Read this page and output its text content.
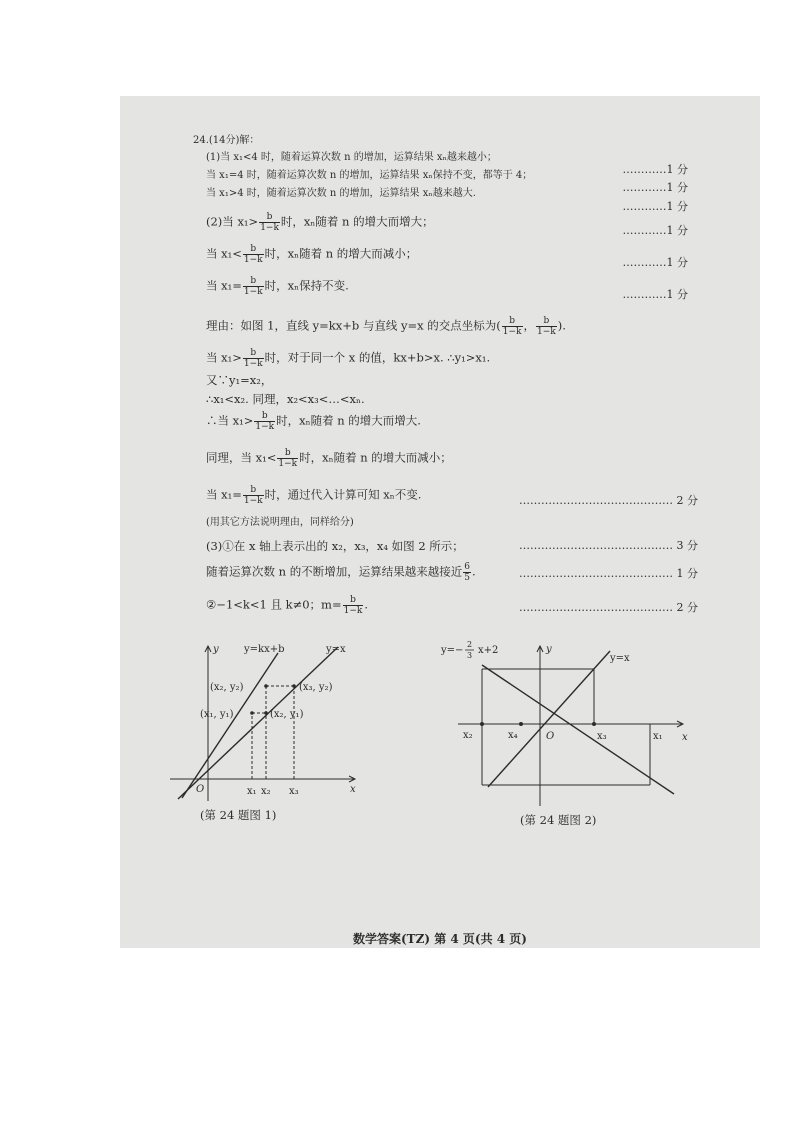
24.(14分)解：
(1)当 x₁<4 时，随着运算次数 n 的增加，运算结果 xₙ越来越小；
当 x₁=4 时，随着运算次数 n 的增加，运算结果 xₙ保持不变，都等于 4；
当 x₁>4 时，随着运算次数 n 的增加，运算结果 xₙ越来越大.
…………1 分
…………1 分
…………1 分
(2)当 $x_1> \frac{b}{1-k}$ 时，xₙ随着 n 的增大而增大；
…………1 分
当 $x_1< \frac{b}{1-k}$ 时，xₙ随着 n 的增大而减小；
…………1 分
当 $x_1= \frac{b}{1-k}$ 时，xₙ保持不变.
…………1 分
理由：如图 1，直线 y=kx+b 与直线 y=x 的交点坐标为( $\frac{b}{1-k}$ ， $\frac{b}{1-k}$ ).
当 $x_1> \frac{b}{1-k}$ 时，对于同一个 x 的值，kx+b>x. ∴y₁>x₁.
又∵y₁=x₂，
∴x₁<x₂. 同理，x₂<x₃<…<xₙ.
∴当 $x_1> \frac{b}{1-k}$ 时，xₙ随着 n 的增大而增大.
同理，当 $x_1< \frac{b}{1-k}$ 时，xₙ随着 n 的增大而减小；
当 $x_1= \frac{b}{1-k}$ 时，通过代入计算可知 xₙ不变.	…………………………………… 2 分
(用其它方法说明理由，同样给分)
(3)①在 x 轴上表示出的 x₂，x₃，x₄ 如图 2 所示；	…………………………………… 3 分
随着运算次数 n 的不断增加，运算结果越来越接近 $\frac{6}{5}$ .	…………………………………… 1 分
②−1<k<1 且 k≠0；$m= \frac{b}{1-k}$ .	…………………………………… 2 分
y
x
O
y=kx+b	y=x
(x₂, y₂)	(x₃, y₂)
(x₁, y₁)	(x₂, y₁)
x₁ x₂ x₃
(第 24 题图 1)
y=−
2
3 x+2
y=x
y
x
O
x₂	x₄	x₃	x₁
(第 24 题图 2)
数学答案(TZ) 第 4 页(共 4 页)
